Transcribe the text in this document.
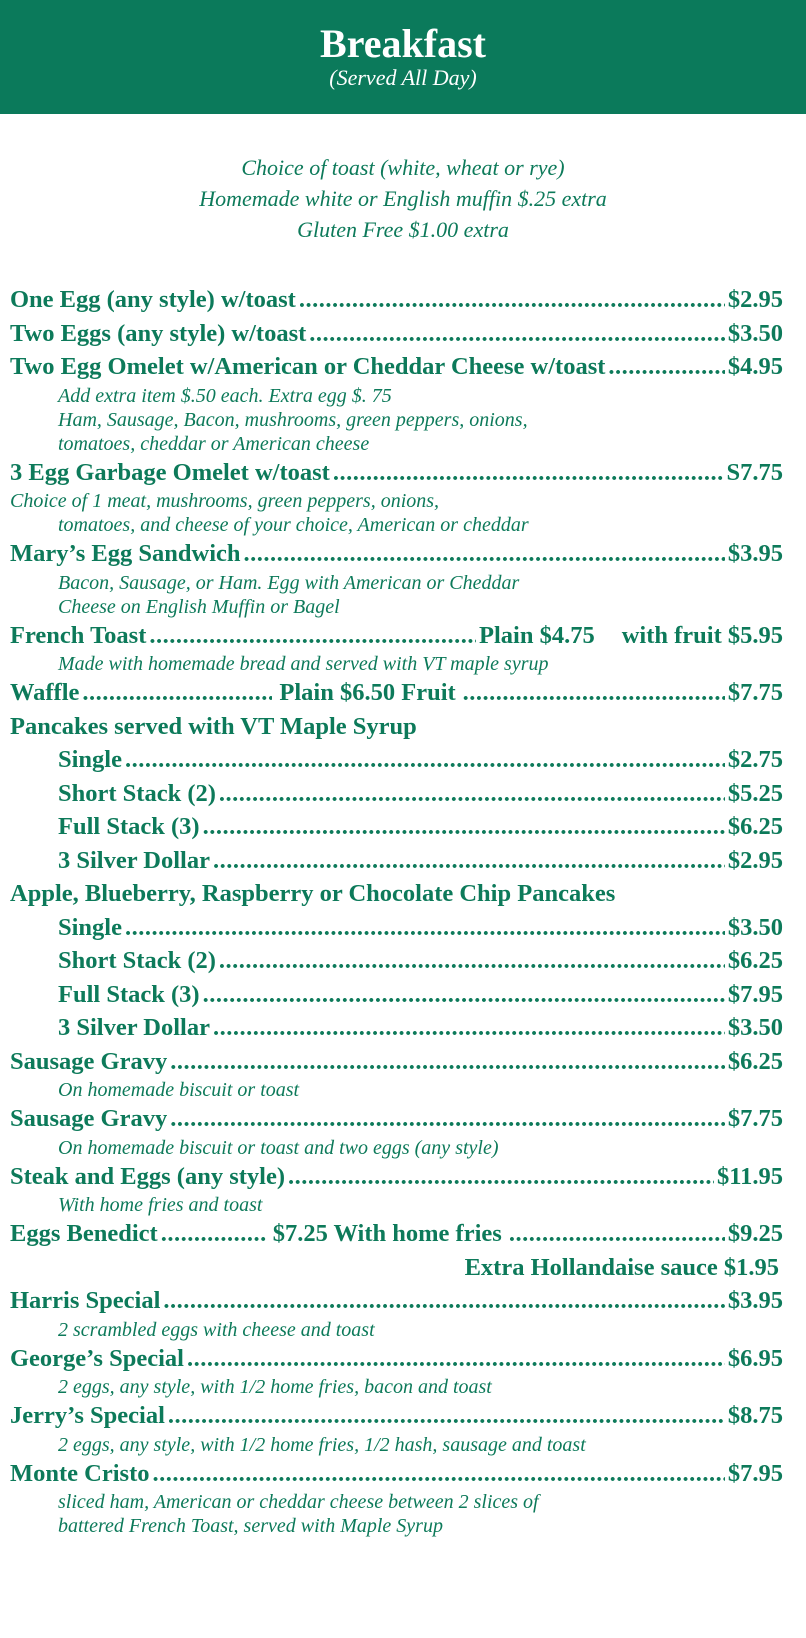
Breakfast
(Served All Day)
Choice of toast (white, wheat or rye)
Homemade white or English muffin $.25 extra
Gluten Free $1.00 extra
One Egg (any style) w/toast .....	$2.95
Two Eggs (any style) w/toast .....	$3.50
Two Egg Omelet w/American or Cheddar Cheese w/toast .....	$4.95
Add extra item $.50 each. Extra egg $. 75
Ham, Sausage, Bacon, mushrooms, green peppers, onions,
tomatoes, cheddar or American cheese
3 Egg Garbage Omelet w/toast .....	S7.75
Choice of 1 meat, mushrooms, green peppers, onions,
tomatoes, and cheese of your choice, American or cheddar
Mary’s Egg Sandwich .....	$3.95
Bacon, Sausage, or Ham. Egg with American or Cheddar
Cheese on English Muffin or Bagel
French Toast .....	Plain $4.75 with fruit $5.95
Made with homemade bread and served with VT maple syrup
Waffle .....	Plain $6.50 Fruit .....	$7.75
Pancakes served with VT Maple Syrup
Single .....	$2.75
Short Stack (2) .....	$5.25
Full Stack (3) .....	$6.25
3 Silver Dollar .....	$2.95
Apple, Blueberry, Raspberry or Chocolate Chip Pancakes
Single .....	$3.50
Short Stack (2) .....	$6.25
Full Stack (3) .....	$7.95
3 Silver Dollar .....	$3.50
Sausage Gravy .....	$6.25
On homemade biscuit or toast
Sausage Gravy .....	$7.75
On homemade biscuit or toast and two eggs (any style)
Steak and Eggs (any style) .....	$11.95
With home fries and toast
Eggs Benedict .....	$7.25 With home fries .....	$9.25
Extra Hollandaise sauce $1.95
Harris Special .....	$3.95
2 scrambled eggs with cheese and toast
George’s Special .....	$6.95
2 eggs, any style, with 1/2 home fries, bacon and toast
Jerry’s Special .....	$8.75
2 eggs, any style, with 1/2 home fries, 1/2 hash, sausage and toast
Monte Cristo .....	$7.95
sliced ham, American or cheddar cheese between 2 slices of
battered French Toast, served with Maple Syrup
